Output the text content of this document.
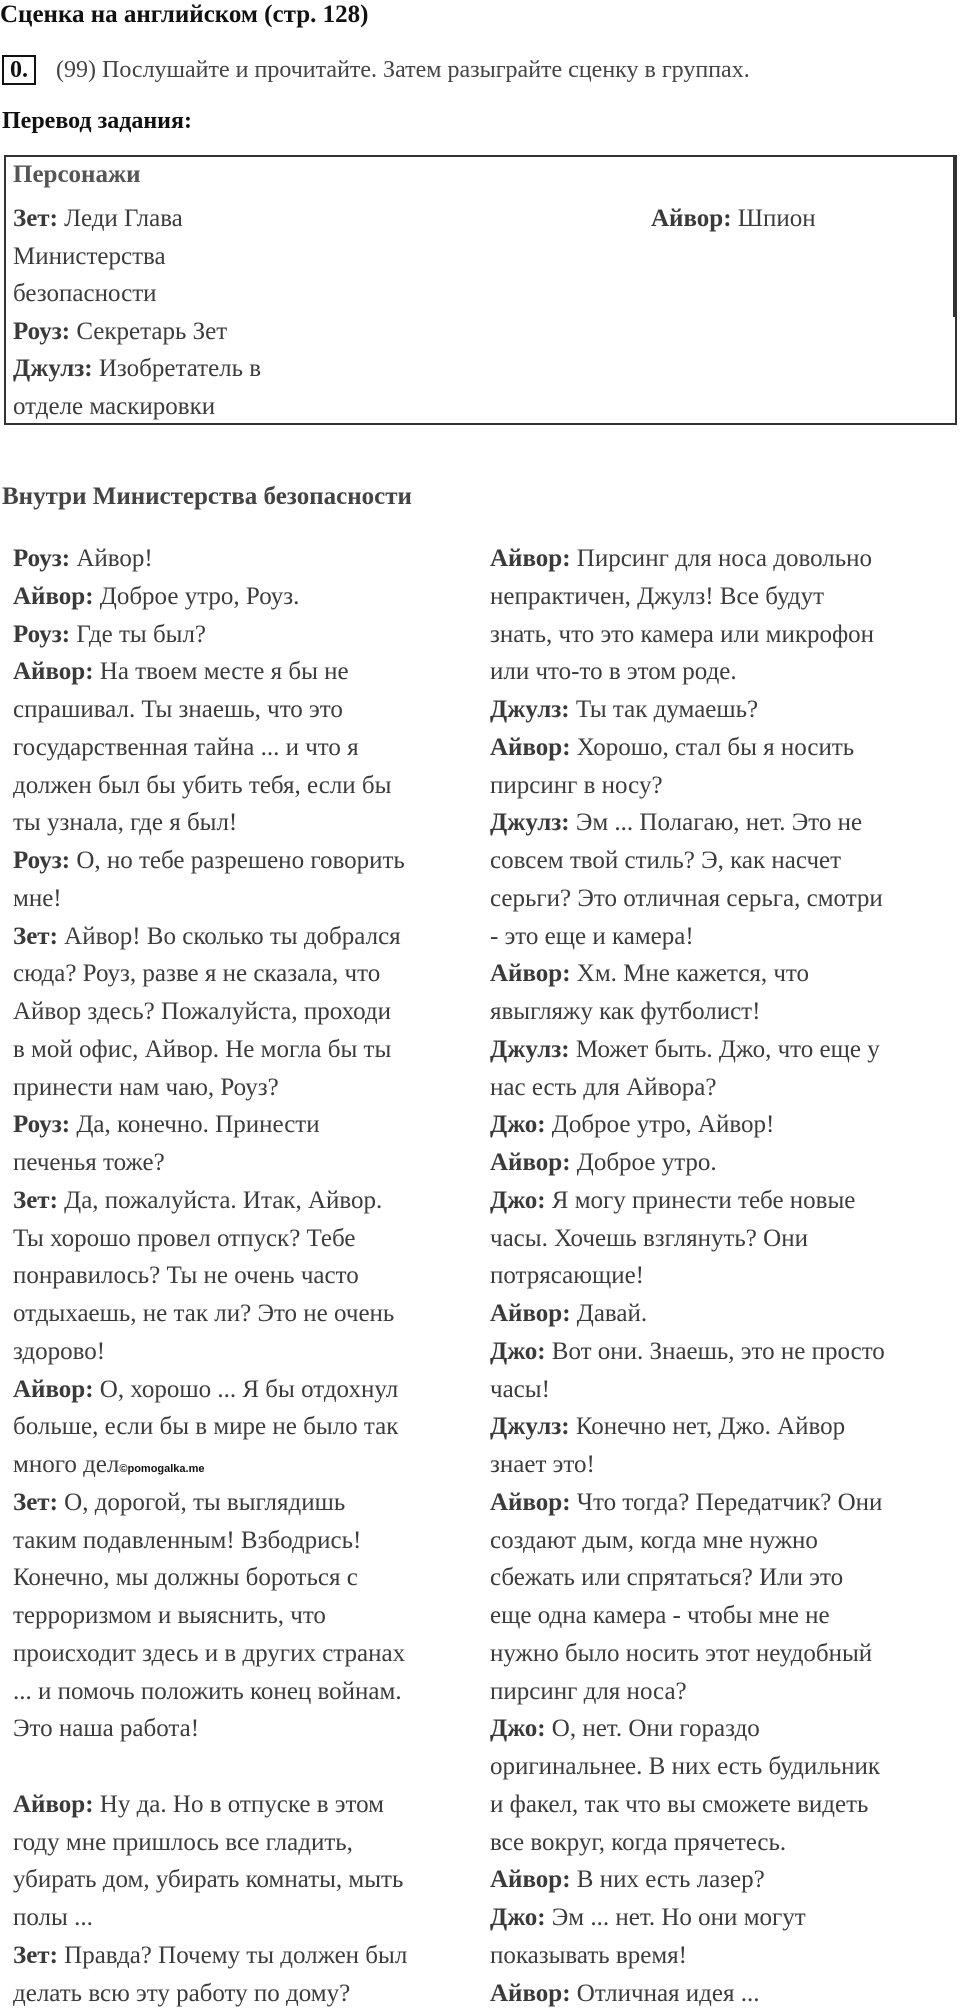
Сценка на английском (стр. 128)
0.	(99) Послушайте и прочитайте. Затем разыграйте сценку в группах.
Перевод задания:
Персонажи
Зет: Леди Глава
Министерства
безопасности
Роуз: Секретарь Зет
Джулз: Изобретатель в
отделе маскировки
Айвор: Шпион
Внутри Министерства безопасности
Роуз: Айвор!
Айвор: Доброе утро, Роуз.
Роуз: Где ты был?
Айвор: На твоем месте я бы не
спрашивал. Ты знаешь, что это
государственная тайна ... и что я
должен был бы убить тебя, если бы
ты узнала, где я был!
Роуз: О, но тебе разрешено говорить
мне!
Зет: Айвор! Во сколько ты добрался
сюда? Роуз, разве я не сказала, что
Айвор здесь? Пожалуйста, проходи
в мой офис, Айвор. Не могла бы ты
принести нам чаю, Роуз?
Роуз: Да, конечно. Принести
печенья тоже?
Зет: Да, пожалуйста. Итак, Айвор.
Ты хорошо провел отпуск? Тебе
понравилось? Ты не очень часто
отдыхаешь, не так ли? Это не очень
здорово!
Айвор: О, хорошо ... Я бы отдохнул
больше, если бы в мире не было так
много дел©pomogalka.me
Зет: О, дорогой, ты выглядишь
таким подавленным! Взбодрись!
Конечно, мы должны бороться с
терроризмом и выяснить, что
происходит здесь и в других странах
... и помочь положить конец войнам.
Это наша работа!
Айвор: Ну да. Но в отпуске в этом
году мне пришлось все гладить,
убирать дом, убирать комнаты, мыть
полы ...
Зет: Правда? Почему ты должен был
делать всю эту работу по дому?
Айвор: Пирсинг для носа довольно
непрактичен, Джулз! Все будут
знать, что это камера или микрофон
или что-то в этом роде.
Джулз: Ты так думаешь?
Айвор: Хорошо, стал бы я носить
пирсинг в носу?
Джулз: Эм ... Полагаю, нет. Это не
совсем твой стиль? Э, как насчет
серьги? Это отличная серьга, смотри
- это еще и камера!
Айвор: Хм. Мне кажется, что
явыгляжу как футболист!
Джулз: Может быть. Джо, что еще у
нас есть для Айвора?
Джо: Доброе утро, Айвор!
Айвор: Доброе утро.
Джо: Я могу принести тебе новые
часы. Хочешь взглянуть? Они
потрясающие!
Айвор: Давай.
Джо: Вот они. Знаешь, это не просто
часы!
Джулз: Конечно нет, Джо. Айвор
знает это!
Айвор: Что тогда? Передатчик? Они
создают дым, когда мне нужно
сбежать или спрятаться? Или это
еще одна камера - чтобы мне не
нужно было носить этот неудобный
пирсинг для носа?
Джо: О, нет. Они гораздо
оригинальнее. В них есть будильник
и факел, так что вы сможете видеть
все вокруг, когда прячетесь.
Айвор: В них есть лазер?
Джо: Эм ... нет. Но они могут
показывать время!
Айвор: Отличная идея ...
